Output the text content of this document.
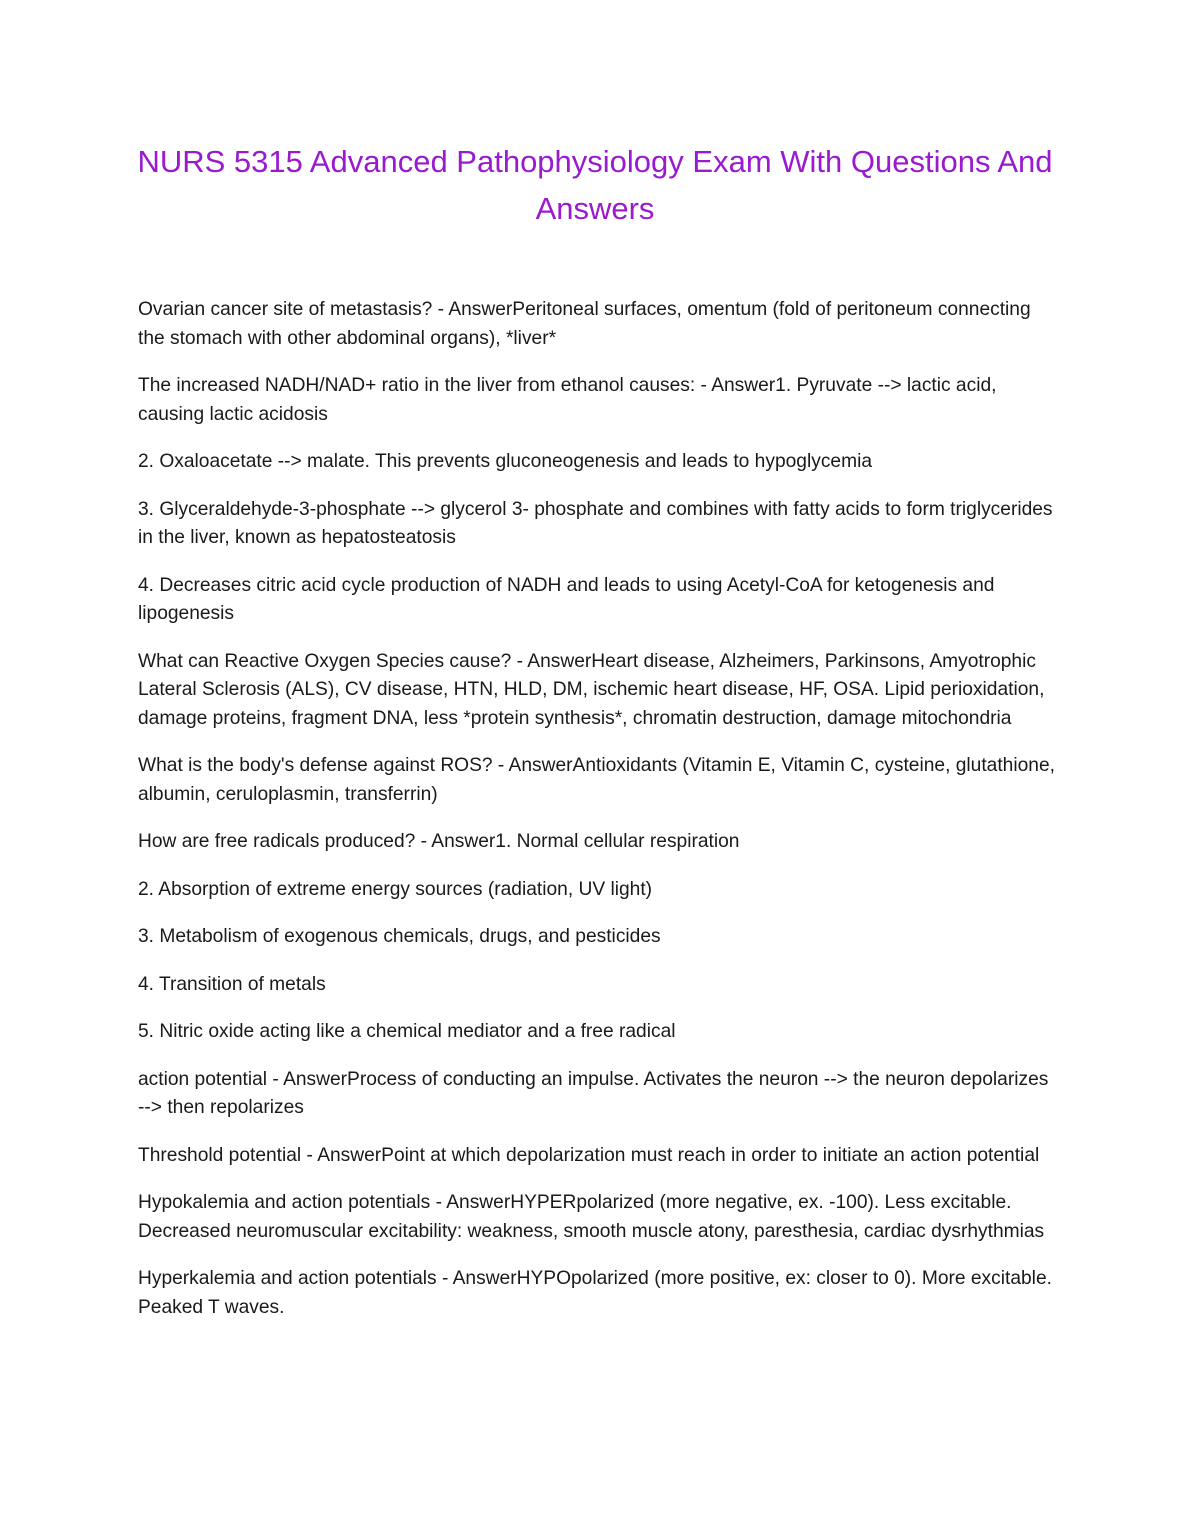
NURS 5315 Advanced Pathophysiology Exam With Questions And Answers

Ovarian cancer site of metastasis? - AnswerPeritoneal surfaces, omentum (fold of peritoneum connecting the stomach with other abdominal organs), *liver*

The increased NADH/NAD+ ratio in the liver from ethanol causes: - Answer1. Pyruvate --> lactic acid, causing lactic acidosis

2. Oxaloacetate --> malate. This prevents gluconeogenesis and leads to hypoglycemia

3. Glyceraldehyde-3-phosphate --> glycerol 3- phosphate and combines with fatty acids to form triglycerides in the liver, known as hepatosteatosis

4. Decreases citric acid cycle production of NADH and leads to using Acetyl-CoA for ketogenesis and lipogenesis

What can Reactive Oxygen Species cause? - AnswerHeart disease, Alzheimers, Parkinsons, Amyotrophic Lateral Sclerosis (ALS), CV disease, HTN, HLD, DM, ischemic heart disease, HF, OSA. Lipid perioxidation, damage proteins, fragment DNA, less *protein synthesis*, chromatin destruction, damage mitochondria

What is the body's defense against ROS? - AnswerAntioxidants (Vitamin E, Vitamin C, cysteine, glutathione, albumin, ceruloplasmin, transferrin)

How are free radicals produced? - Answer1. Normal cellular respiration

2. Absorption of extreme energy sources (radiation, UV light)

3. Metabolism of exogenous chemicals, drugs, and pesticides

4. Transition of metals

5. Nitric oxide acting like a chemical mediator and a free radical

action potential - AnswerProcess of conducting an impulse. Activates the neuron --> the neuron depolarizes --> then repolarizes

Threshold potential - AnswerPoint at which depolarization must reach in order to initiate an action potential

Hypokalemia and action potentials - AnswerHYPERpolarized (more negative, ex. -100). Less excitable. Decreased neuromuscular excitability: weakness, smooth muscle atony, paresthesia, cardiac dysrhythmias

Hyperkalemia and action potentials - AnswerHYPOpolarized (more positive, ex: closer to 0). More excitable. Peaked T waves.
